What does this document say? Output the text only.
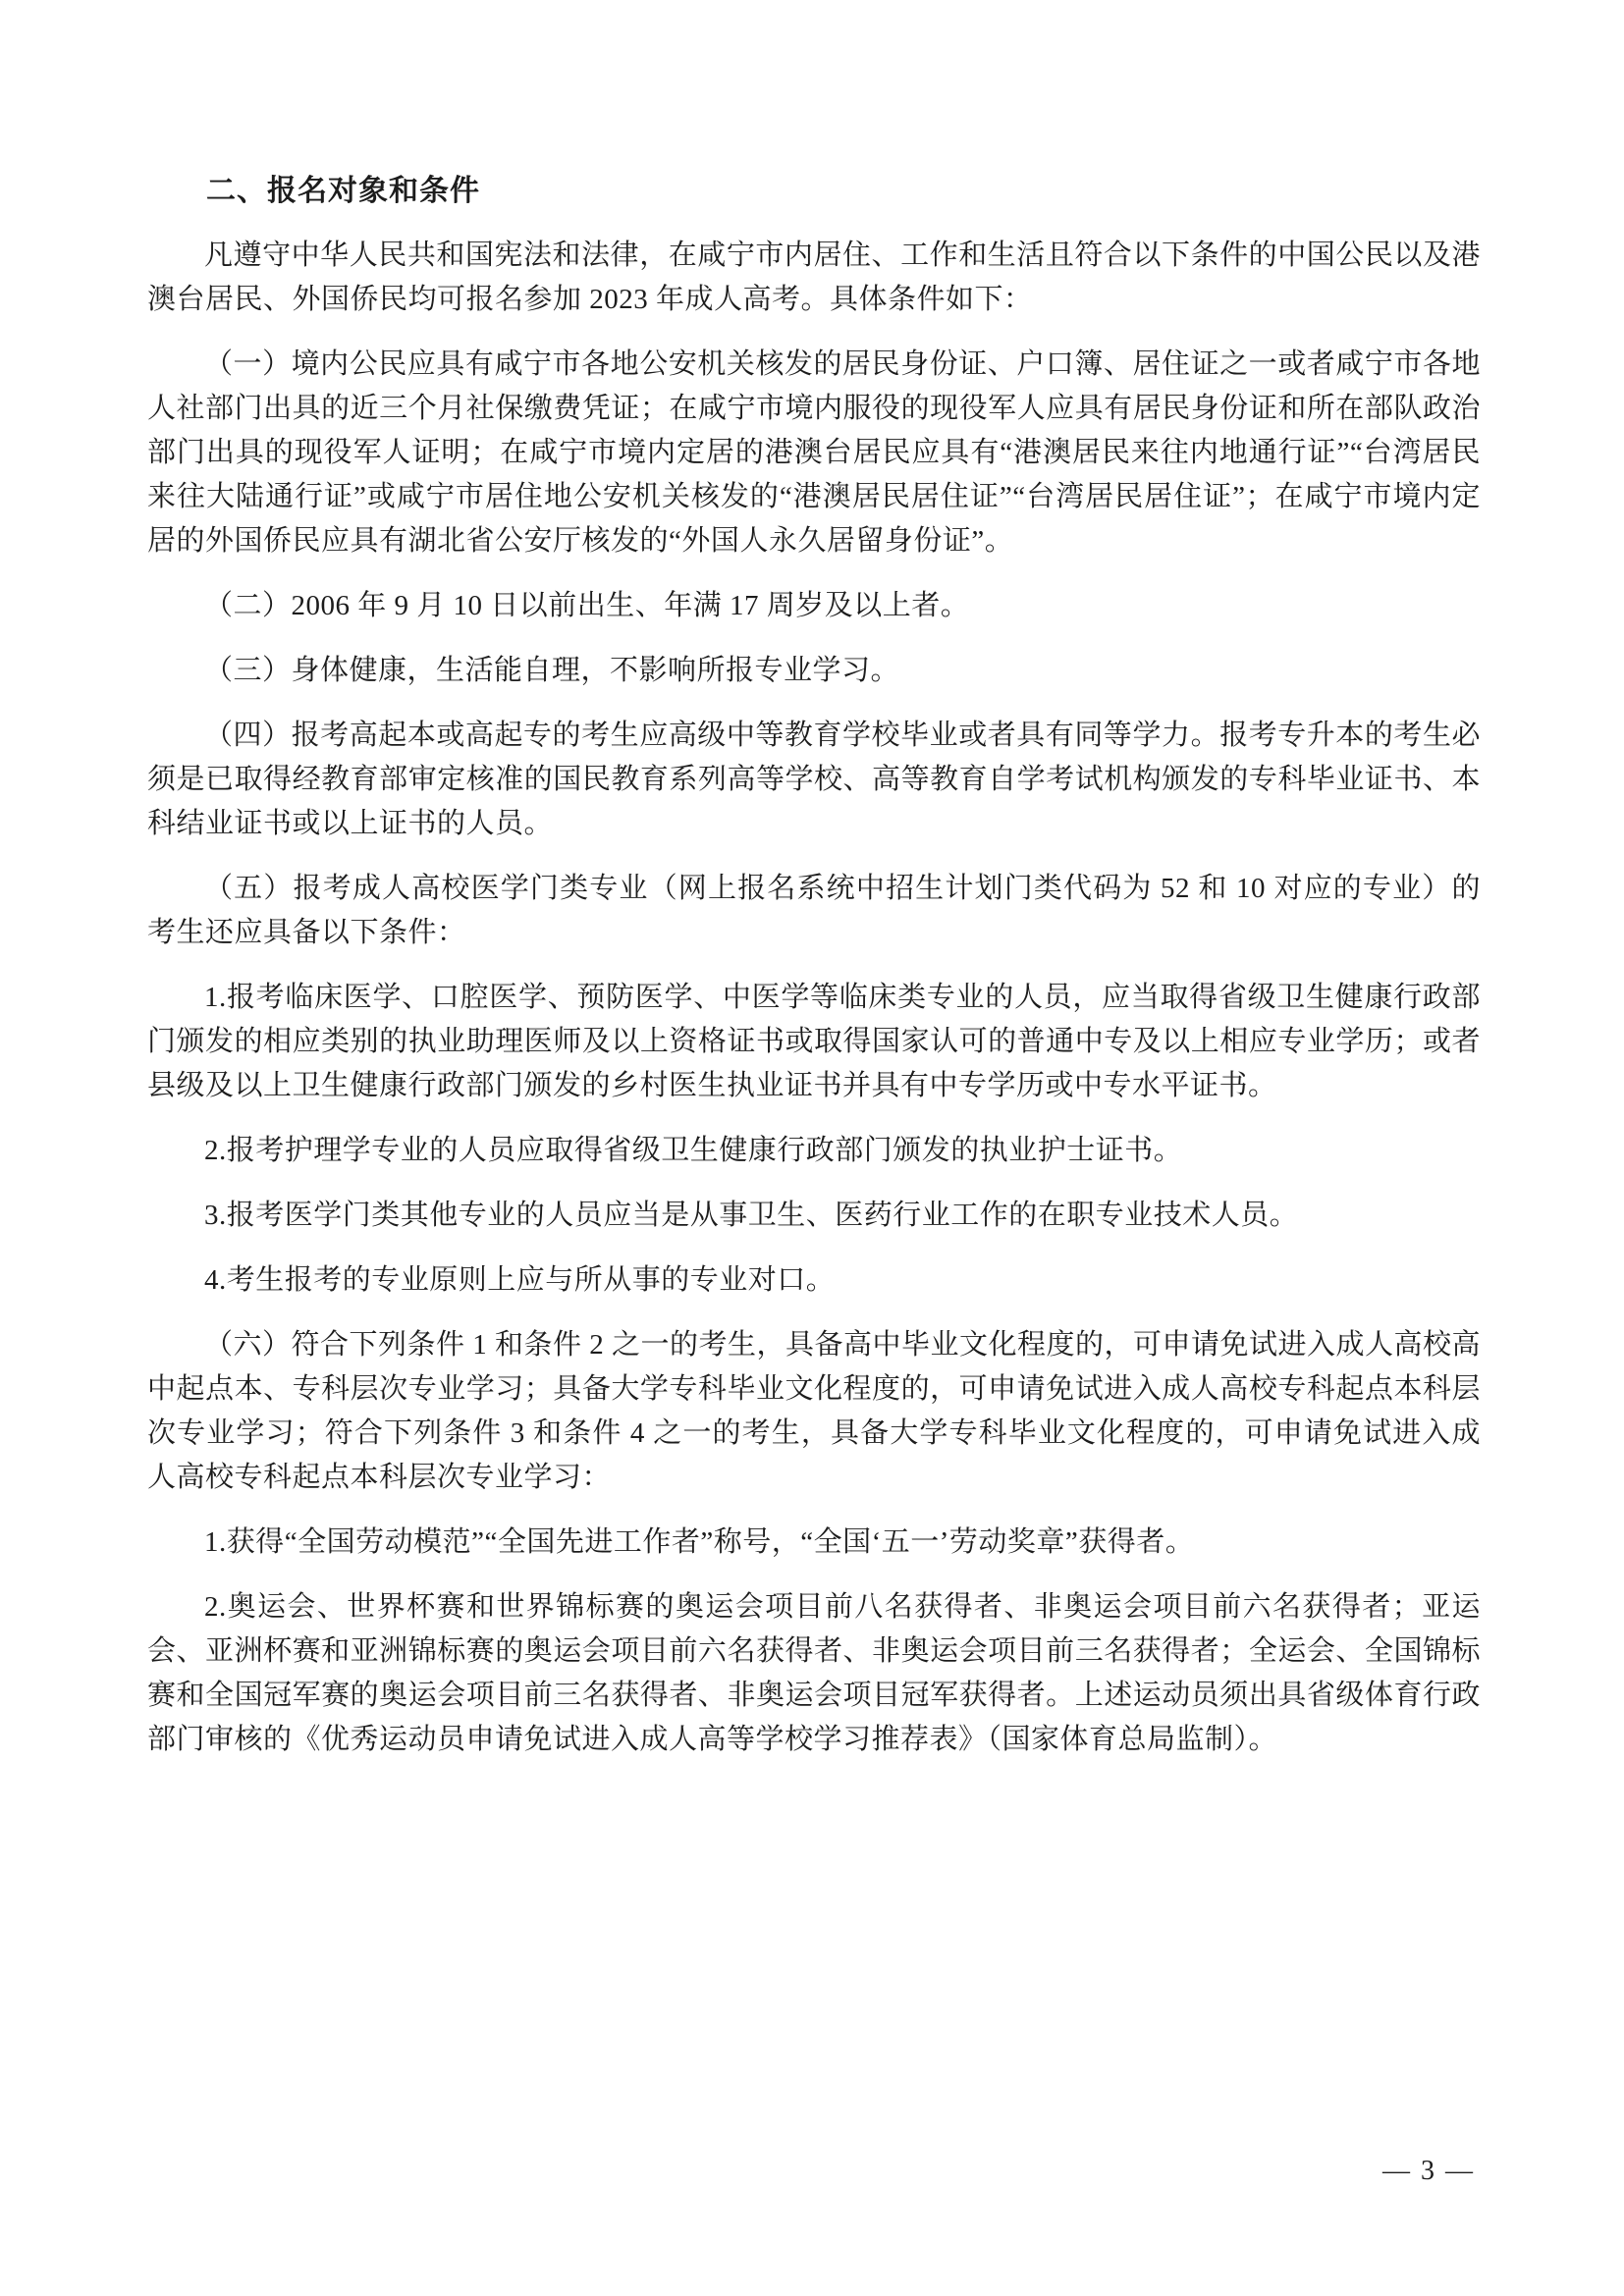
二、报名对象和条件

凡遵守中华人民共和国宪法和法律，在咸宁市内居住、工作和生活且符合以下条件的中国公民以及港澳台居民、外国侨民均可报名参加 2023 年成人高考。具体条件如下：

（一）境内公民应具有咸宁市各地公安机关核发的居民身份证、户口簿、居住证之一或者咸宁市各地人社部门出具的近三个月社保缴费凭证；在咸宁市境内服役的现役军人应具有居民身份证和所在部队政治部门出具的现役军人证明；在咸宁市境内定居的港澳台居民应具有“港澳居民来往内地通行证”“台湾居民来往大陆通行证”或咸宁市居住地公安机关核发的“港澳居民居住证”“台湾居民居住证”；在咸宁市境内定居的外国侨民应具有湖北省公安厅核发的“外国人永久居留身份证”。

（二）2006 年 9 月 10 日以前出生、年满 17 周岁及以上者。

（三）身体健康，生活能自理，不影响所报专业学习。

（四）报考高起本或高起专的考生应高级中等教育学校毕业或者具有同等学力。报考专升本的考生必须是已取得经教育部审定核准的国民教育系列高等学校、高等教育自学考试机构颁发的专科毕业证书、本科结业证书或以上证书的人员。

（五）报考成人高校医学门类专业（网上报名系统中招生计划门类代码为 52 和 10 对应的专业）的考生还应具备以下条件：

1.报考临床医学、口腔医学、预防医学、中医学等临床类专业的人员，应当取得省级卫生健康行政部门颁发的相应类别的执业助理医师及以上资格证书或取得国家认可的普通中专及以上相应专业学历；或者县级及以上卫生健康行政部门颁发的乡村医生执业证书并具有中专学历或中专水平证书。

2.报考护理学专业的人员应取得省级卫生健康行政部门颁发的执业护士证书。

3.报考医学门类其他专业的人员应当是从事卫生、医药行业工作的在职专业技术人员。

4.考生报考的专业原则上应与所从事的专业对口。

（六）符合下列条件 1 和条件 2 之一的考生，具备高中毕业文化程度的，可申请免试进入成人高校高中起点本、专科层次专业学习；具备大学专科毕业文化程度的，可申请免试进入成人高校专科起点本科层次专业学习；符合下列条件 3 和条件 4 之一的考生，具备大学专科毕业文化程度的，可申请免试进入成人高校专科起点本科层次专业学习：

1.获得“全国劳动模范”“全国先进工作者”称号，“全国‘五一’劳动奖章”获得者。

2.奥运会、世界杯赛和世界锦标赛的奥运会项目前八名获得者、非奥运会项目前六名获得者；亚运会、亚洲杯赛和亚洲锦标赛的奥运会项目前六名获得者、非奥运会项目前三名获得者；全运会、全国锦标赛和全国冠军赛的奥运会项目前三名获得者、非奥运会项目冠军获得者。上述运动员须出具省级体育行政部门审核的《优秀运动员申请免试进入成人高等学校学习推荐表》（国家体育总局监制）。

— 3 —
